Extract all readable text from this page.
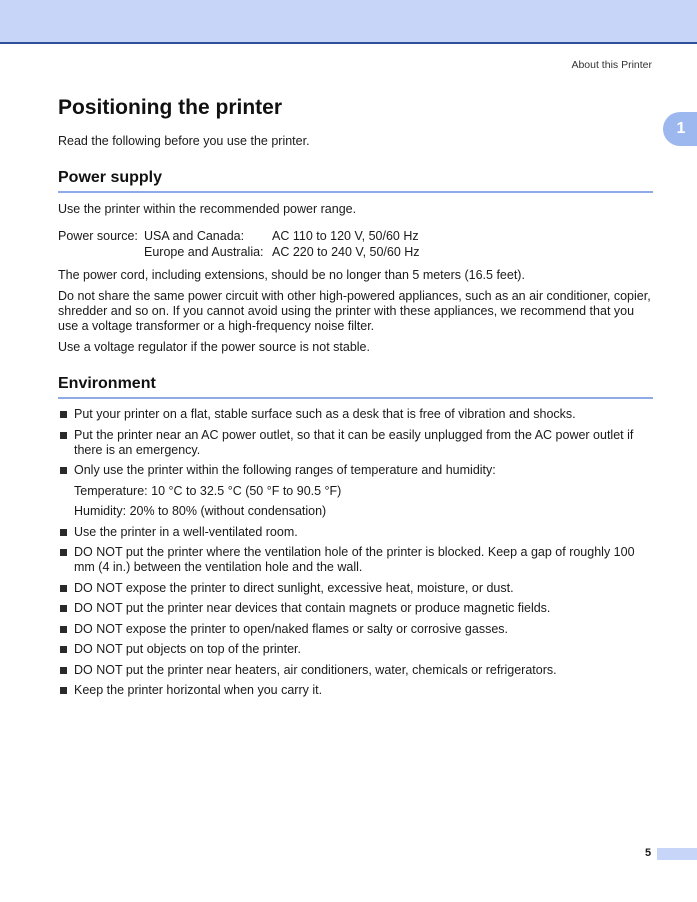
About this Printer
1
Positioning the printer

Read the following before you use the printer.

Power supply

Use the printer within the recommended power range.

Power source: USA and Canada:	AC 110 to 120 V, 50/60 Hz
Europe and Australia: AC 220 to 240 V, 50/60 Hz

The power cord, including extensions, should be no longer than 5 meters (16.5 feet).

Do not share the same power circuit with other high-powered appliances, such as an air conditioner, copier, shredder and so on. If you cannot avoid using the printer with these appliances, we recommend that you use a voltage transformer or a high-frequency noise filter.

Use a voltage regulator if the power source is not stable.

Environment
Put your printer on a flat, stable surface such as a desk that is free of vibration and shocks.
Put the printer near an AC power outlet, so that it can be easily unplugged from the AC power outlet if there is an emergency.
Only use the printer within the following ranges of temperature and humidity:
Temperature: 10 °C to 32.5 °C (50 °F to 90.5 °F)
Humidity: 20% to 80% (without condensation)
Use the printer in a well-ventilated room.
DO NOT put the printer where the ventilation hole of the printer is blocked. Keep a gap of roughly 100 mm (4 in.) between the ventilation hole and the wall.
DO NOT expose the printer to direct sunlight, excessive heat, moisture, or dust.
DO NOT put the printer near devices that contain magnets or produce magnetic fields.
DO NOT expose the printer to open/naked flames or salty or corrosive gasses.
DO NOT put objects on top of the printer.
DO NOT put the printer near heaters, air conditioners, water, chemicals or refrigerators.
Keep the printer horizontal when you carry it.
5
